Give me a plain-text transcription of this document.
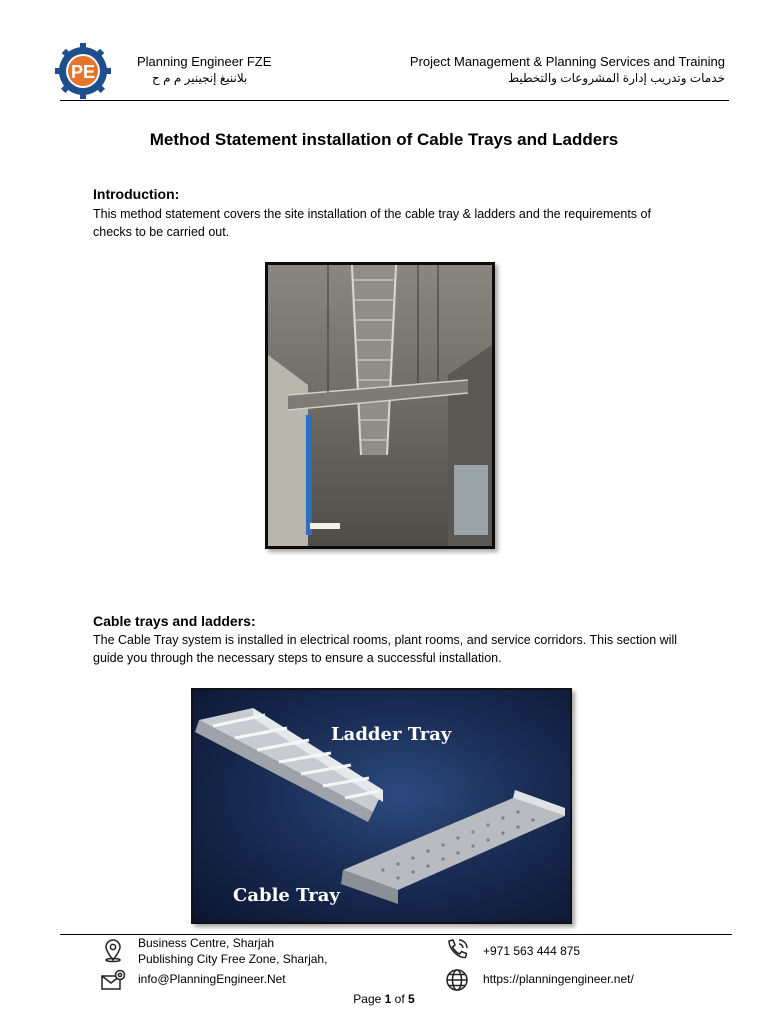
PE
Planning Engineer FZE
بلاننيغ إنجينير م م ح
Project Management & Planning Services and Training
خدمات وتدريب إدارة المشروعات والتخطيط
Method Statement installation of Cable Trays and Ladders
Introduction:
This method statement covers the site installation of the cable tray & ladders and the requirements of checks to be carried out.
Cable trays and ladders:
The Cable Tray system is installed in electrical rooms, plant rooms, and service corridors. This section will guide you through the necessary steps to ensure a successful installation.
Ladder Tray
Cable Tray
Business Centre, Sharjah
Publishing City Free Zone, Sharjah,
info@PlanningEngineer.Net
+971 563 444 875
https://planningengineer.net/
Page 1 of 5
